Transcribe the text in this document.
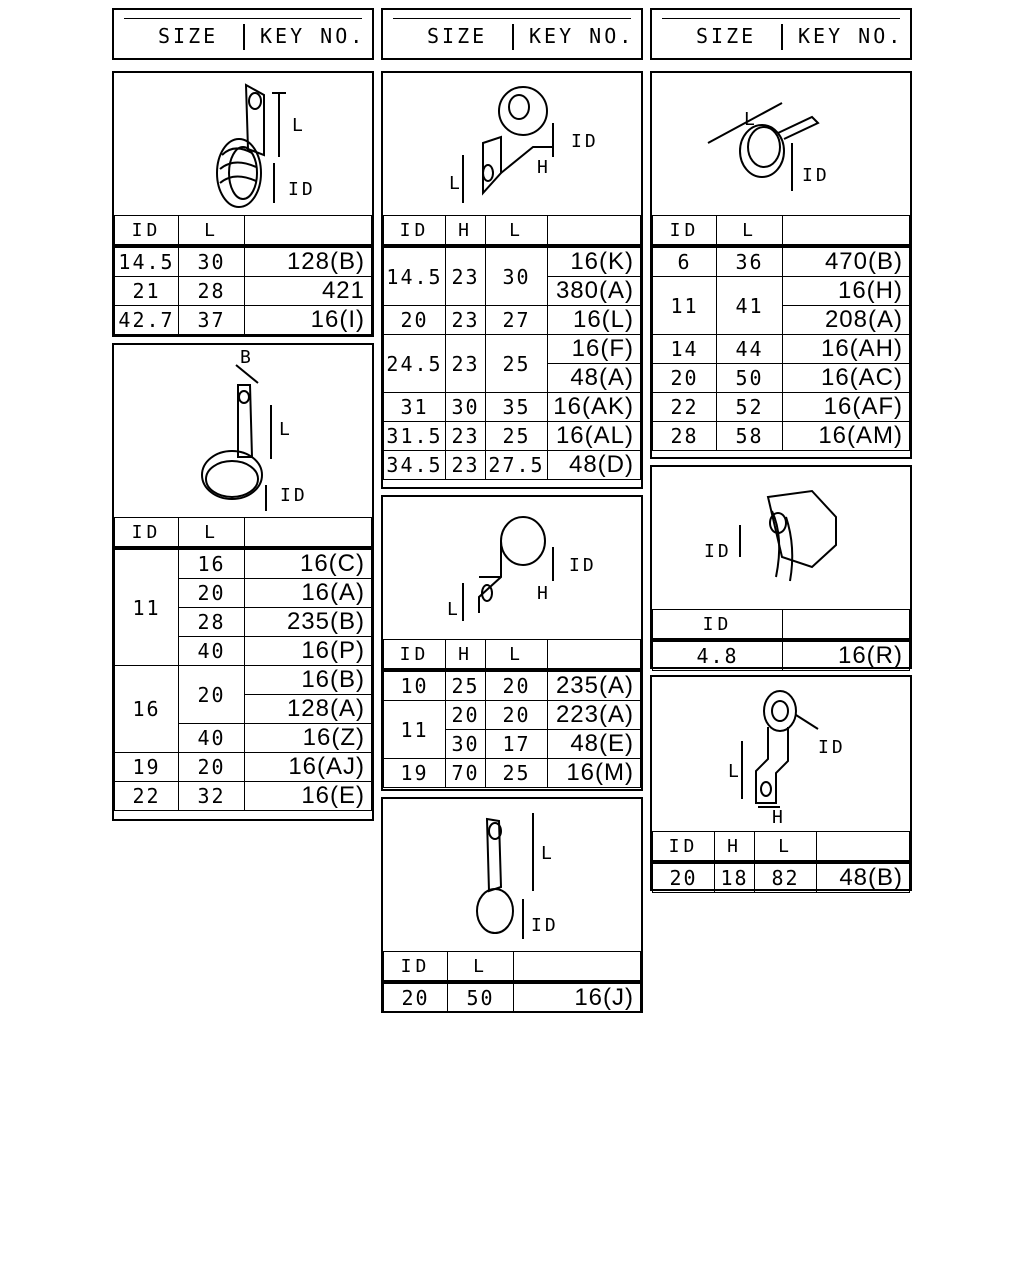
SIZE KEY NO.	SIZE KEY NO.	SIZE KEY NO.
L
ID
ID	L	
14.5	30	128(B)
21	28	421
42.7	37	16(I)
B
L
ID
ID	L	
11	16	16(C)
	20	16(A)
	28	235(B)
	40	16(P)
16	20	16(B)
		128(A)
	40	16(Z)
19	20	16(AJ)
22	32	16(E)
L
H
ID
ID	H	L	
14.5	23	30	16(K)
			380(A)
20	23	27	16(L)
24.5	23	25	16(F)
			48(A)
31	30	35	16(AK)
31.5	23	25	16(AL)
34.5	23	27.5	48(D)
L
H
ID
ID	H	L	
10	25	20	235(A)
11	20	20	223(A)
	30	17	48(E)
19	70	25	16(M)
L
ID
ID	L	
20	50	16(J)
L
ID
ID	L	
6	36	470(B)
11	41	16(H)
		208(A)
14	44	16(AH)
20	50	16(AC)
22	52	16(AF)
28	58	16(AM)
ID
ID	
4.8	16(R)
L
H
ID
ID	H	L	
20	18	82	48(B)
